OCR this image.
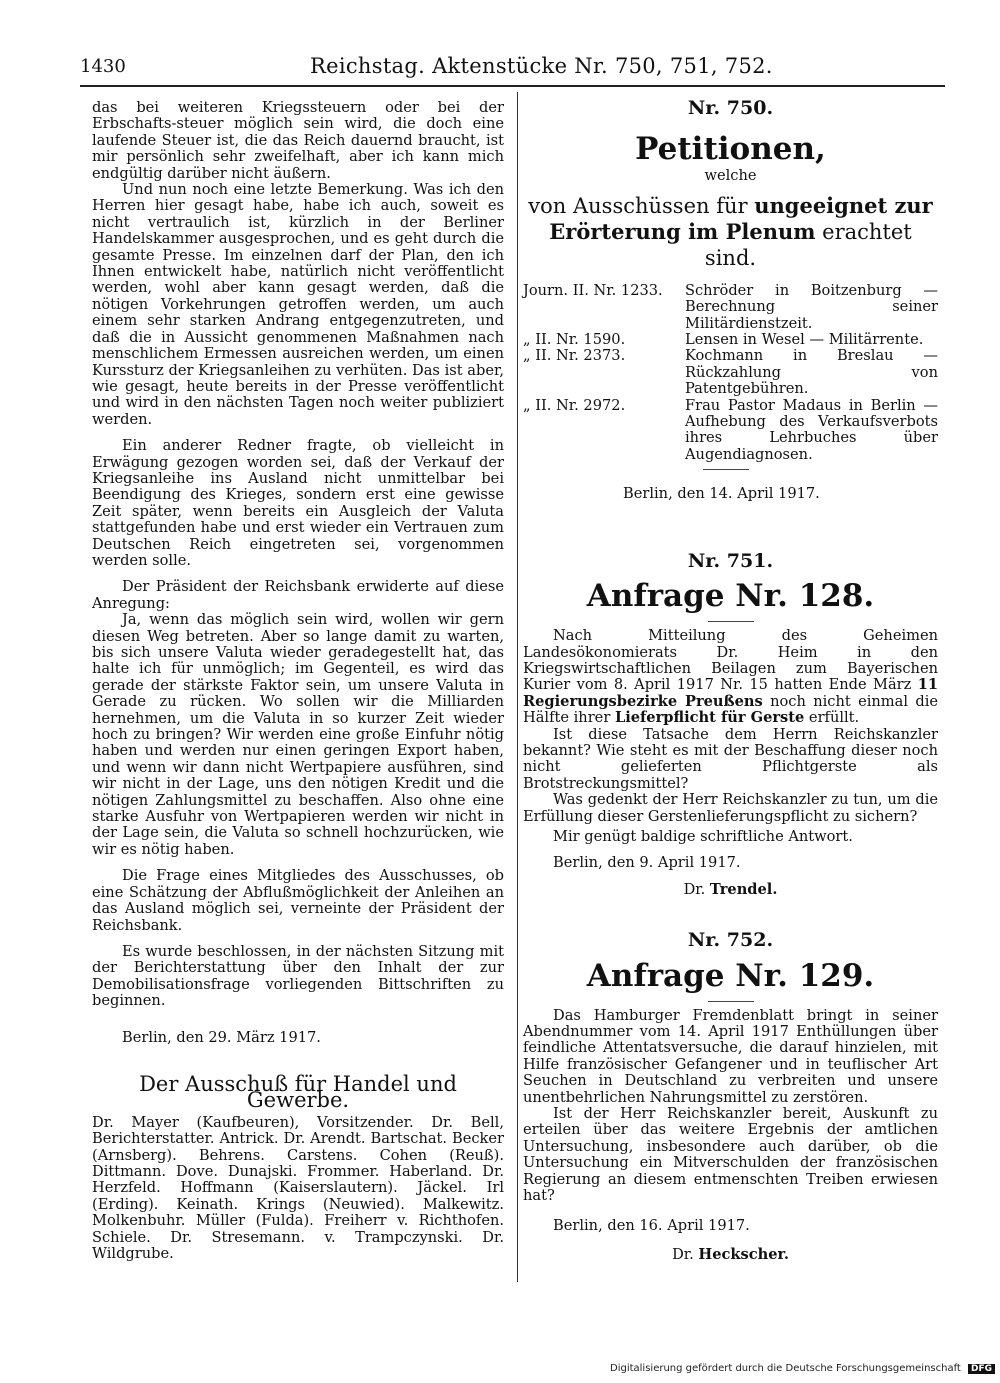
1430	Reichstag. Aktenstücke Nr. 750, 751, 752.

das bei weiteren Kriegssteuern oder bei der Erbschafts-steuer möglich sein wird, die doch eine laufende Steuer ist, die das Reich dauernd braucht, ist mir persönlich sehr zweifelhaft, aber ich kann mich endgültig darüber nicht äußern.

Und nun noch eine letzte Bemerkung. Was ich den Herren hier gesagt habe, habe ich auch, soweit es nicht vertraulich ist, kürzlich in der Berliner Handelskammer ausgesprochen, und es geht durch die gesamte Presse. Im einzelnen darf der Plan, den ich Ihnen entwickelt habe, natürlich nicht veröffentlicht werden, wohl aber kann gesagt werden, daß die nötigen Vorkehrungen getroffen werden, um auch einem sehr starken Andrang entgegenzutreten, und daß die in Aussicht genommenen Maßnahmen nach menschlichem Ermessen ausreichen werden, um einen Kurssturz der Kriegsanleihen zu verhüten. Das ist aber, wie gesagt, heute bereits in der Presse veröffentlicht und wird in den nächsten Tagen noch weiter publiziert werden.

Ein anderer Redner fragte, ob vielleicht in Erwägung gezogen worden sei, daß der Verkauf der Kriegsanleihe ins Ausland nicht unmittelbar bei Beendigung des Krieges, sondern erst eine gewisse Zeit später, wenn bereits ein Ausgleich der Valuta stattgefunden habe und erst wieder ein Vertrauen zum Deutschen Reich eingetreten sei, vorgenommen werden solle.

Der Präsident der Reichsbank erwiderte auf diese Anregung:

Ja, wenn das möglich sein wird, wollen wir gern diesen Weg betreten. Aber so lange damit zu warten, bis sich unsere Valuta wieder geradegestellt hat, das halte ich für unmöglich; im Gegenteil, es wird das gerade der stärkste Faktor sein, um unsere Valuta in Gerade zu rücken. Wo sollen wir die Milliarden hernehmen, um die Valuta in so kurzer Zeit wieder hoch zu bringen? Wir werden eine große Einfuhr nötig haben und werden nur einen geringen Export haben, und wenn wir dann nicht Wertpapiere ausführen, sind wir nicht in der Lage, uns den nötigen Kredit und die nötigen Zahlungsmittel zu beschaffen. Also ohne eine starke Ausfuhr von Wertpapieren werden wir nicht in der Lage sein, die Valuta so schnell hochzurücken, wie wir es nötig haben.

Die Frage eines Mitgliedes des Ausschusses, ob eine Schätzung der Abflußmöglichkeit der Anleihen an das Ausland möglich sei, verneinte der Präsident der Reichsbank.

Es wurde beschlossen, in der nächsten Sitzung mit der Berichterstattung über den Inhalt der zur Demobilisationsfrage vorliegenden Bittschriften zu beginnen.

Berlin, den 29. März 1917.

Der Ausschuß für Handel und Gewerbe.

Dr. Mayer (Kaufbeuren), Vorsitzender. Dr. Bell, Berichterstatter. Antrick. Dr. Arendt. Bartschat. Becker (Arnsberg). Behrens. Carstens. Cohen (Reuß). Dittmann. Dove. Dunajski. Frommer. Haberland. Dr. Herzfeld. Hoffmann (Kaiserslautern). Jäckel. Irl (Erding). Keinath. Krings (Neuwied). Malkewitz. Molkenbuhr. Müller (Fulda). Freiherr v. Richthofen. Schiele. Dr. Stresemann. v. Trampczynski. Dr. Wildgrube.

Nr. 750.

Petitionen,
welche
von Ausschüssen für ungeeignet zur
Erörterung im Plenum erachtet sind.
Journ. II. Nr. 1233.	Schröder in Boitzenburg — Berechnung seiner Militärdienstzeit.
„ II. Nr. 1590.	Lensen in Wesel — Militärrente.
„ II. Nr. 2373.	Kochmann in Breslau — Rückzahlung von Patentgebühren.
„ II. Nr. 2972.	Frau Pastor Madaus in Berlin — Aufhebung des Verkaufsverbots ihres Lehrbuches über Augendiagnosen.

Berlin, den 14. April 1917.

Nr. 751.

Anfrage Nr. 128.

Nach Mitteilung des Geheimen Landesökonomierats Dr. Heim in den Kriegswirtschaftlichen Beilagen zum Bayerischen Kurier vom 8. April 1917 Nr. 15 hatten Ende März 11 Regierungsbezirke Preußens noch nicht einmal die Hälfte ihrer Lieferpflicht für Gerste erfüllt.

Ist diese Tatsache dem Herrn Reichskanzler bekannt? Wie steht es mit der Beschaffung dieser noch nicht gelieferten Pflichtgerste als Brotstreckungsmittel?

Was gedenkt der Herr Reichskanzler zu tun, um die Erfüllung dieser Gerstenlieferungspflicht zu sichern?

Mir genügt baldige schriftliche Antwort.

Berlin, den 9. April 1917.

Dr. Trendel.

Nr. 752.

Anfrage Nr. 129.

Das Hamburger Fremdenblatt bringt in seiner Abendnummer vom 14. April 1917 Enthüllungen über feindliche Attentatsversuche, die darauf hinzielen, mit Hilfe französischer Gefangener und in teuflischer Art Seuchen in Deutschland zu verbreiten und unsere unentbehrlichen Nahrungsmittel zu zerstören.

Ist der Herr Reichskanzler bereit, Auskunft zu erteilen über das weitere Ergebnis der amtlichen Untersuchung, insbesondere auch darüber, ob die Untersuchung ein Mitverschulden der französischen Regierung an diesem entmenschten Treiben erwiesen hat?

Berlin, den 16. April 1917.

Dr. Heckscher.

Digitalisierung gefördert durch die Deutsche Forschungsgemeinschaft DFG
